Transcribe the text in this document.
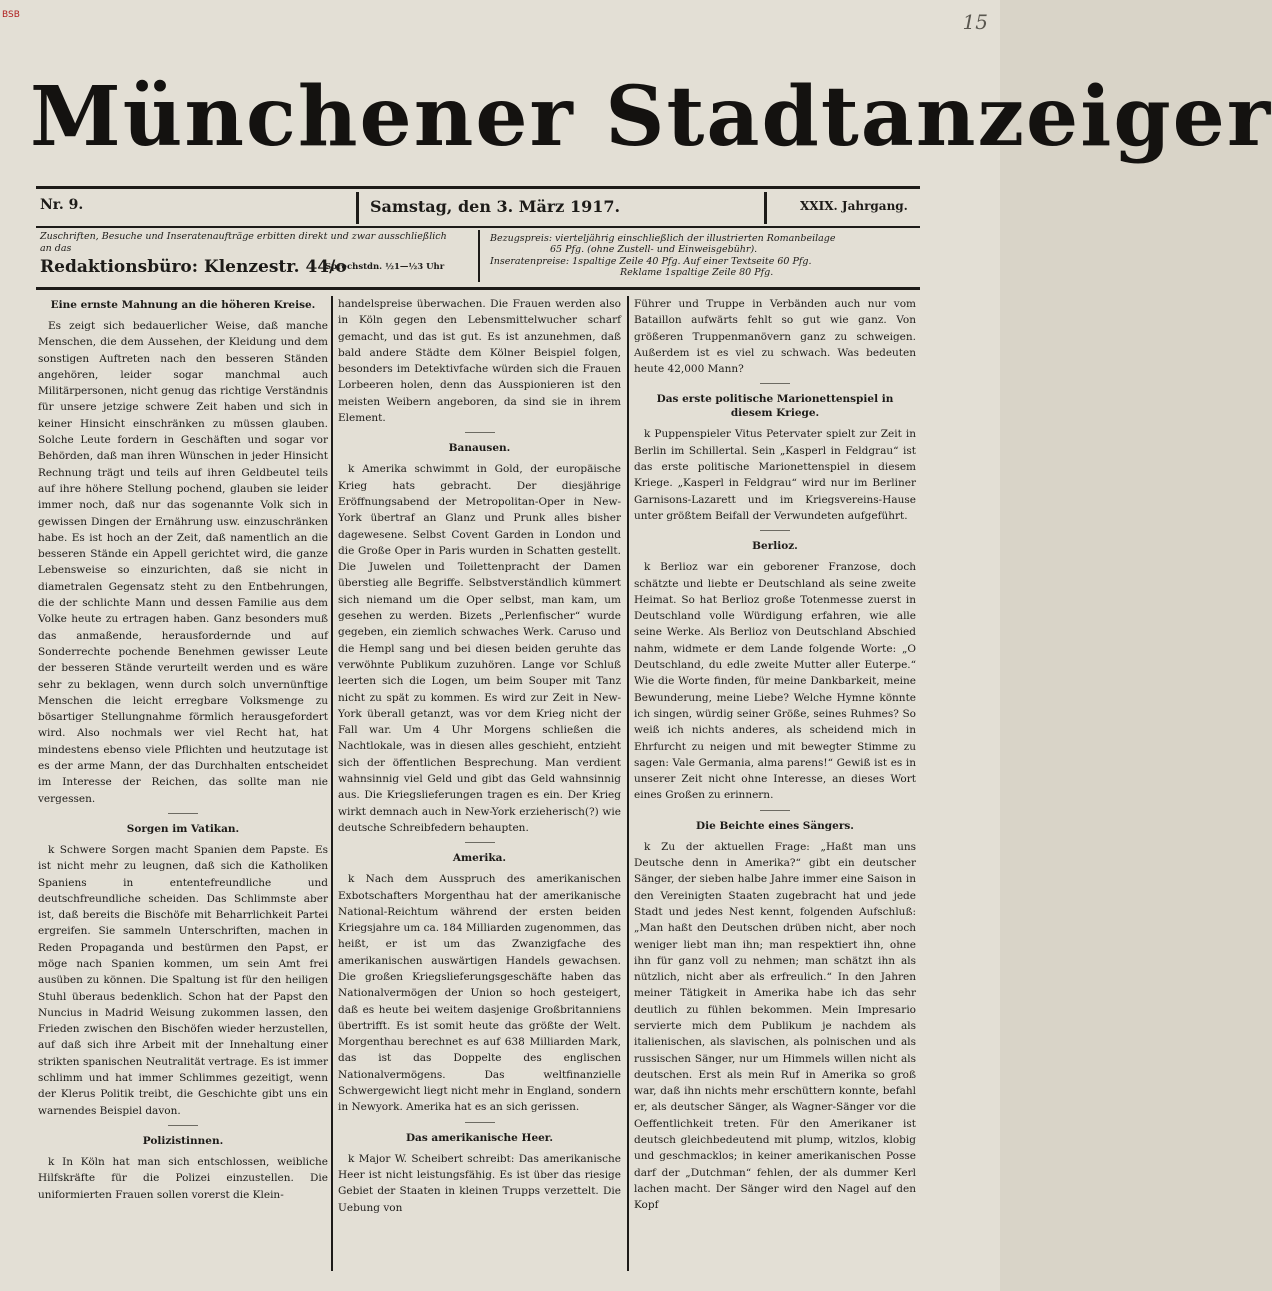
BSB	15
Münchener Stadtanzeiger
Nr. 9.	Samstag, den 3. März 1917.	XXIX. Jahrgang.
Zuschriften, Besuche und Inseratenaufträge erbitten direkt und zwar ausschließlich an das
Redaktionsbüro: Klenzestr. 44/o
Sprechstdn. ½1—½3 Uhr
Bezugspreis: vierteljährig einschließlich der illustrierten Romanbeilage
65 Pfg. (ohne Zustell- und Einweisgebühr).
Inseratenpreise: 1spaltige Zeile 40 Pfg. Auf einer Textseite 60 Pfg.
Reklame 1spaltige Zeile 80 Pfg.
Eine ernste Mahnung an die höheren Kreise.

Es zeigt sich bedauerlicher Weise, daß manche Menschen, die dem Aussehen, der Kleidung und dem sonstigen Auftreten nach den besseren Ständen angehören, leider sogar manchmal auch Militärpersonen, nicht genug das richtige Verständnis für unsere jetzige schwere Zeit haben und sich in keiner Hinsicht einschränken zu müssen glauben. Solche Leute fordern in Geschäften und sogar vor Behörden, daß man ihren Wünschen in jeder Hinsicht Rechnung trägt und teils auf ihren Geldbeutel teils auf ihre höhere Stellung pochend, glauben sie leider immer noch, daß nur das sogenannte Volk sich in gewissen Dingen der Ernährung usw. einzuschränken habe. Es ist hoch an der Zeit, daß namentlich an die besseren Stände ein Appell gerichtet wird, die ganze Lebensweise so einzurichten, daß sie nicht in diametralen Gegensatz steht zu den Entbehrungen, die der schlichte Mann und dessen Familie aus dem Volke heute zu ertragen haben. Ganz besonders muß das anmaßende, herausfordernde und auf Sonderrechte pochende Benehmen gewisser Leute der besseren Stände verurteilt werden und es wäre sehr zu beklagen, wenn durch solch unvernünftige Menschen die leicht erregbare Volksmenge zu bösartiger Stellungnahme förmlich herausgefordert wird. Also nochmals wer viel Recht hat, hat mindestens ebenso viele Pflichten und heutzutage ist es der arme Mann, der das Durchhalten entscheidet im Interesse der Reichen, das sollte man nie vergessen.

Sorgen im Vatikan.

k Schwere Sorgen macht Spanien dem Papste. Es ist nicht mehr zu leugnen, daß sich die Katholiken Spaniens in ententefreundliche und deutschfreundliche scheiden. Das Schlimmste aber ist, daß bereits die Bischöfe mit Beharrlichkeit Partei ergreifen. Sie sammeln Unterschriften, machen in Reden Propaganda und bestürmen den Papst, er möge nach Spanien kommen, um sein Amt frei ausüben zu können. Die Spaltung ist für den heiligen Stuhl überaus bedenklich. Schon hat der Papst den Nuncius in Madrid Weisung zukommen lassen, den Frieden zwischen den Bischöfen wieder herzustellen, auf daß sich ihre Arbeit mit der Innehaltung einer strikten spanischen Neutralität vertrage. Es ist immer schlimm und hat immer Schlimmes gezeitigt, wenn der Klerus Politik treibt, die Geschichte gibt uns ein warnendes Beispiel davon.

Polizistinnen.

k In Köln hat man sich entschlossen, weibliche Hilfskräfte für die Polizei einzustellen. Die uniformierten Frauen sollen vorerst die Klein-

handelspreise überwachen. Die Frauen werden also in Köln gegen den Lebensmittelwucher scharf gemacht, und das ist gut. Es ist anzunehmen, daß bald andere Städte dem Kölner Beispiel folgen, besonders im Detektivfache würden sich die Frauen Lorbeeren holen, denn das Ausspionieren ist den meisten Weibern angeboren, da sind sie in ihrem Element.

Banausen.

k Amerika schwimmt in Gold, der europäische Krieg hats gebracht. Der diesjährige Eröffnungsabend der Metropolitan-Oper in New-York übertraf an Glanz und Prunk alles bisher dagewesene. Selbst Covent Garden in London und die Große Oper in Paris wurden in Schatten gestellt. Die Juwelen und Toilettenpracht der Damen überstieg alle Begriffe. Selbstverständlich kümmert sich niemand um die Oper selbst, man kam, um gesehen zu werden. Bizets „Perlenfischer“ wurde gegeben, ein ziemlich schwaches Werk. Caruso und die Hempl sang und bei diesen beiden geruhte das verwöhnte Publikum zuzuhören. Lange vor Schluß leerten sich die Logen, um beim Souper mit Tanz nicht zu spät zu kommen. Es wird zur Zeit in New-York überall getanzt, was vor dem Krieg nicht der Fall war. Um 4 Uhr Morgens schließen die Nachtlokale, was in diesen alles geschieht, entzieht sich der öffentlichen Besprechung. Man verdient wahnsinnig viel Geld und gibt das Geld wahnsinnig aus. Die Kriegslieferungen tragen es ein. Der Krieg wirkt demnach auch in New-York erzieherisch(?) wie deutsche Schreibfedern behaupten.

Amerika.

k Nach dem Ausspruch des amerikanischen Exbotschafters Morgenthau hat der amerikanische National-Reichtum während der ersten beiden Kriegsjahre um ca. 184 Milliarden zugenommen, das heißt, er ist um das Zwanzigfache des amerikanischen auswärtigen Handels gewachsen. Die großen Kriegslieferungsgeschäfte haben das Nationalvermögen der Union so hoch gesteigert, daß es heute bei weitem dasjenige Großbritanniens übertrifft. Es ist somit heute das größte der Welt. Morgenthau berechnet es auf 638 Milliarden Mark, das ist das Doppelte des englischen Nationalvermögens. Das weltfinanzielle Schwergewicht liegt nicht mehr in England, sondern in Newyork. Amerika hat es an sich gerissen.

Das amerikanische Heer.

k Major W. Scheibert schreibt: Das amerikanische Heer ist nicht leistungsfähig. Es ist über das riesige Gebiet der Staaten in kleinen Trupps verzettelt. Die Uebung von

Führer und Truppe in Verbänden auch nur vom Bataillon aufwärts fehlt so gut wie ganz. Von größeren Truppenmanövern ganz zu schweigen. Außerdem ist es viel zu schwach. Was bedeuten heute 42,000 Mann?

Das erste politische Marionettenspiel in diesem Kriege.

k Puppenspieler Vitus Petervater spielt zur Zeit in Berlin im Schillertal. Sein „Kasperl in Feldgrau“ ist das erste politische Marionettenspiel in diesem Kriege. „Kasperl in Feldgrau“ wird nur im Berliner Garnisons-Lazarett und im Kriegsvereins-Hause unter größtem Beifall der Verwundeten aufgeführt.

Berlioz.

k Berlioz war ein geborener Franzose, doch schätzte und liebte er Deutschland als seine zweite Heimat. So hat Berlioz große Totenmesse zuerst in Deutschland volle Würdigung erfahren, wie alle seine Werke. Als Berlioz von Deutschland Abschied nahm, widmete er dem Lande folgende Worte: „O Deutschland, du edle zweite Mutter aller Euterpe.“ Wie die Worte finden, für meine Dankbarkeit, meine Bewunderung, meine Liebe? Welche Hymne könnte ich singen, würdig seiner Größe, seines Ruhmes? So weiß ich nichts anderes, als scheidend mich in Ehrfurcht zu neigen und mit bewegter Stimme zu sagen: Vale Germania, alma parens!“ Gewiß ist es in unserer Zeit nicht ohne Interesse, an dieses Wort eines Großen zu erinnern.

Die Beichte eines Sängers.

k Zu der aktuellen Frage: „Haßt man uns Deutsche denn in Amerika?“ gibt ein deutscher Sänger, der sieben halbe Jahre immer eine Saison in den Vereinigten Staaten zugebracht hat und jede Stadt und jedes Nest kennt, folgenden Aufschluß: „Man haßt den Deutschen drüben nicht, aber noch weniger liebt man ihn; man respektiert ihn, ohne ihn für ganz voll zu nehmen; man schätzt ihn als nützlich, nicht aber als erfreulich.“ In den Jahren meiner Tätigkeit in Amerika habe ich das sehr deutlich zu fühlen bekommen. Mein Impresario servierte mich dem Publikum je nachdem als italienischen, als slavischen, als polnischen und als russischen Sänger, nur um Himmels willen nicht als deutschen. Erst als mein Ruf in Amerika so groß war, daß ihn nichts mehr erschüttern konnte, befahl er, als deutscher Sänger, als Wagner-Sänger vor die Oeffentlichkeit treten. Für den Amerikaner ist deutsch gleichbedeutend mit plump, witzlos, klobig und geschmacklos; in keiner amerikanischen Posse darf der „Dutchman“ fehlen, der als dummer Kerl lachen macht. Der Sänger wird den Nagel auf den Kopf
